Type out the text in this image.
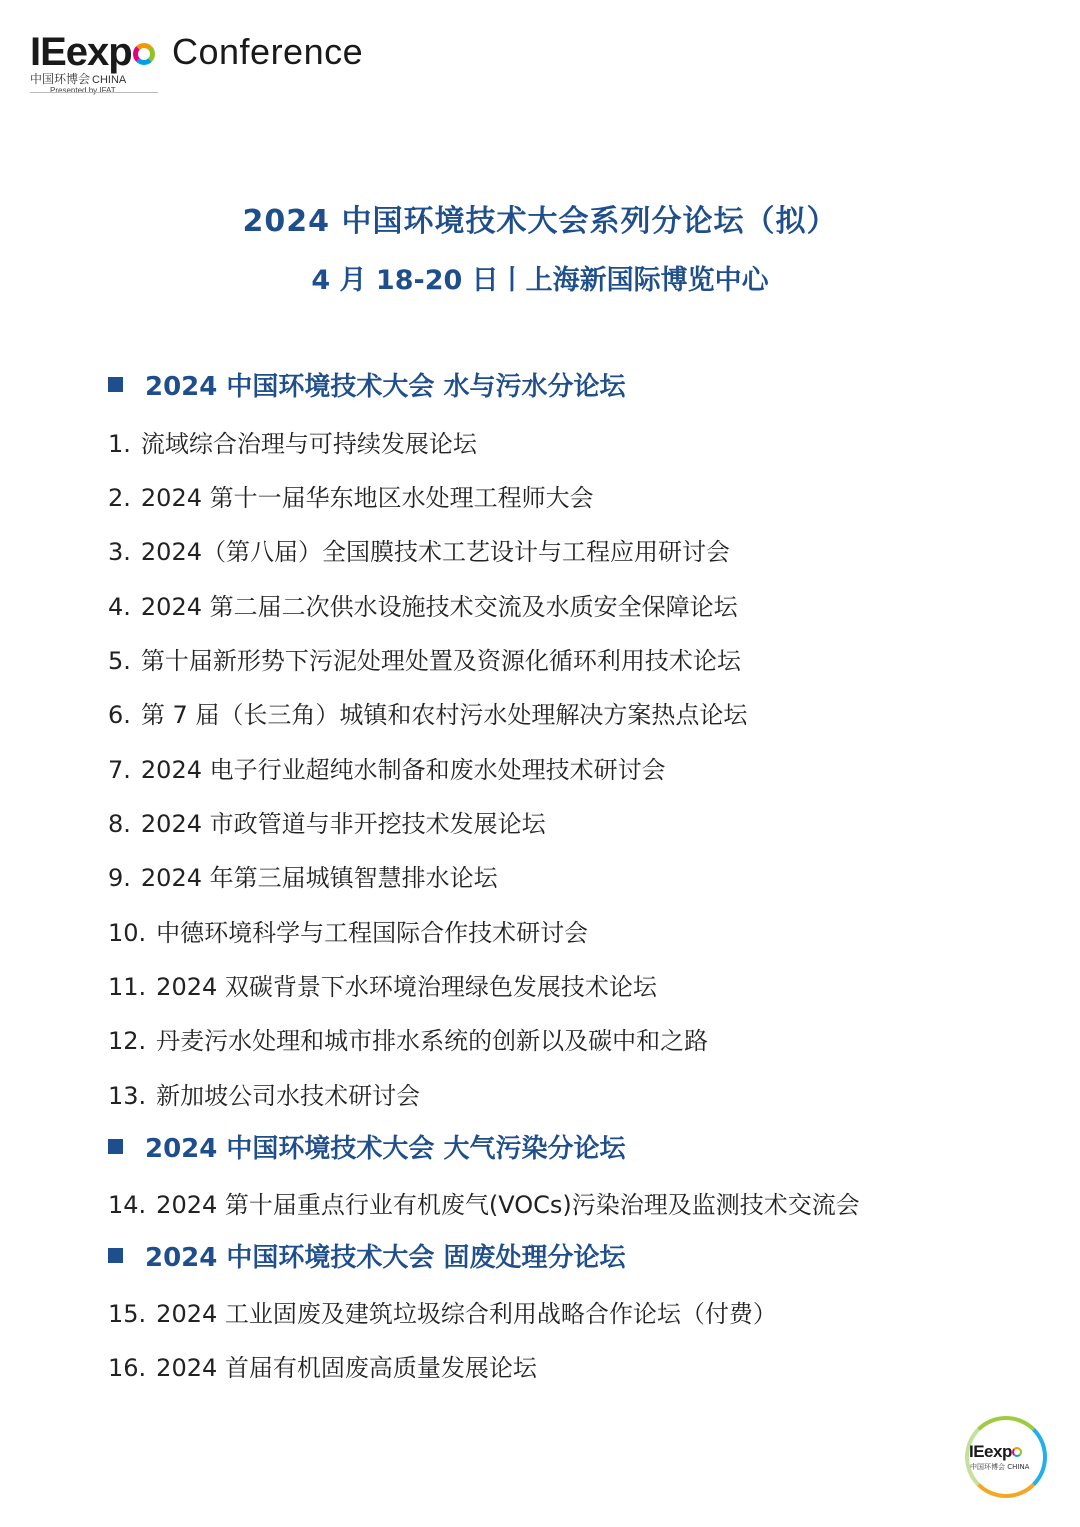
IEexp
中国环博会 CHINA
Presented by IFAT
Conference
2024 中国环境技术大会系列分论坛（拟）
4 月 18-20 日丨上海新国际博览中心
2024 中国环境技术大会 水与污水分论坛
1. 流域综合治理与可持续发展论坛
2. 2024 第十一届华东地区水处理工程师大会
3. 2024（第八届）全国膜技术工艺设计与工程应用研讨会
4. 2024 第二届二次供水设施技术交流及水质安全保障论坛
5. 第十届新形势下污泥处理处置及资源化循环利用技术论坛
6. 第 7 届（长三角）城镇和农村污水处理解决方案热点论坛
7. 2024 电子行业超纯水制备和废水处理技术研讨会
8. 2024 市政管道与非开挖技术发展论坛
9. 2024 年第三届城镇智慧排水论坛
10. 中德环境科学与工程国际合作技术研讨会
11. 2024 双碳背景下水环境治理绿色发展技术论坛
12. 丹麦污水处理和城市排水系统的创新以及碳中和之路
13. 新加坡公司水技术研讨会
2024 中国环境技术大会 大气污染分论坛
14. 2024 第十届重点行业有机废气(VOCs)污染治理及监测技术交流会
2024 中国环境技术大会 固废处理分论坛
15. 2024 工业固废及建筑垃圾综合利用战略合作论坛（付费）
16. 2024 首届有机固废高质量发展论坛
IEexp
中国环博会 CHINA
